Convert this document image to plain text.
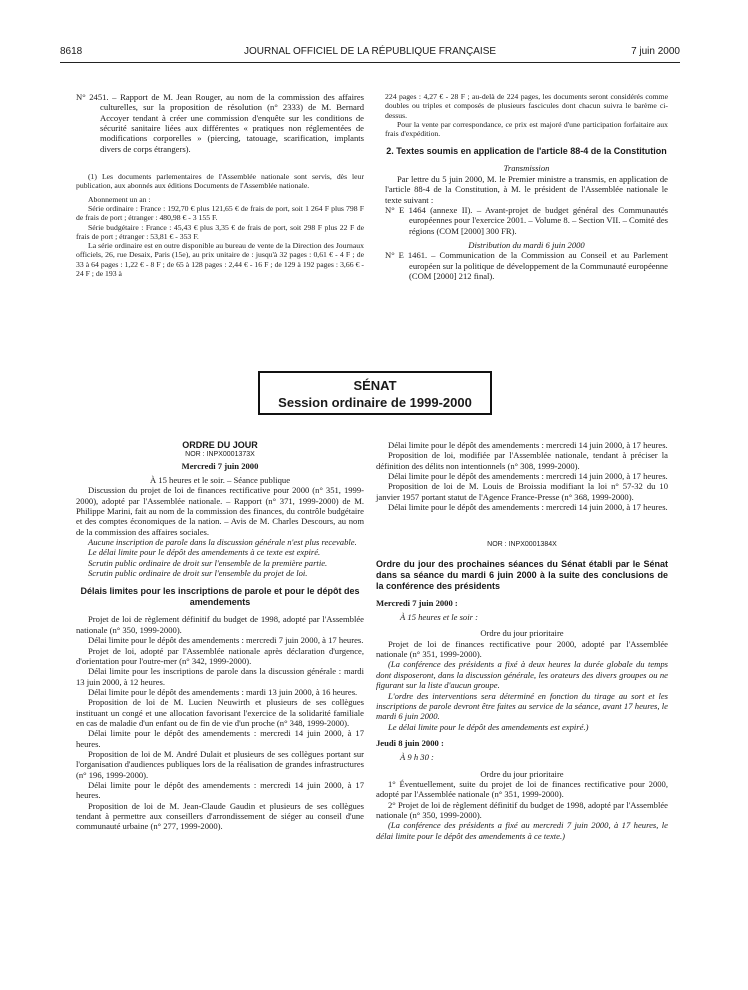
8618	JOURNAL OFFICIEL DE LA RÉPUBLIQUE FRANÇAISE	7 juin 2000

N° 2451. – Rapport de M. Jean Rouger, au nom de la commission des affaires culturelles, sur la proposition de résolution (n° 2333) de M. Bernard Accoyer tendant à créer une commission d'enquête sur les conditions de sécurité sanitaire liées aux différentes « pratiques non réglementées de modifications corporelles » (piercing, tatouage, scarification, implants divers de corps étrangers).

(1) Les documents parlementaires de l'Assemblée nationale sont servis, dès leur publication, aux abonnés aux éditions Documents de l'Assemblée nationale.

Abonnement un an :

Série ordinaire : France : 192,70 € plus 121,65 € de frais de port, soit 1 264 F plus 798 F de frais de port ; étranger : 480,98 € - 3 155 F.

Série budgétaire : France : 45,43 € plus 3,35 € de frais de port, soit 298 F plus 22 F de frais de port ; étranger : 53,81 € - 353 F.

La série ordinaire est en outre disponible au bureau de vente de la Direction des Journaux officiels, 26, rue Desaix, Paris (15e), au prix unitaire de : jusqu'à 32 pages : 0,61 € - 4 F ; de 33 à 64 pages : 1,22 € - 8 F ; de 65 à 128 pages : 2,44 € - 16 F ; de 129 à 192 pages : 3,66 € - 24 F ; de 193 à

224 pages : 4,27 € - 28 F ; au-delà de 224 pages, les documents seront considérés comme doubles ou triples et composés de plusieurs fascicules dont chacun suivra le barème ci-dessus.

Pour la vente par correspondance, ce prix est majoré d'une participation forfaitaire aux frais d'expédition.

2. Textes soumis en application de l'article 88-4 de la Constitution

Transmission

Par lettre du 5 juin 2000, M. le Premier ministre a transmis, en application de l'article 88-4 de la Constitution, à M. le président de l'Assemblée nationale le texte suivant :

N° E 1464 (annexe II). – Avant-projet de budget général des Communautés européennes pour l'exercice 2001. – Volume 8. – Section VII. – Comité des régions (COM [2000] 300 FR).

Distribution du mardi 6 juin 2000

N° E 1461. – Communication de la Commission au Conseil et au Parlement européen sur la politique de développement de la Communauté européenne (COM [2000] 212 final).

SÉNAT
Session ordinaire de 1999-2000

ORDRE DU JOUR

NOR : INPX0001373X

Mercredi 7 juin 2000

À 15 heures et le soir. – Séance publique

Discussion du projet de loi de finances rectificative pour 2000 (n° 351, 1999-2000), adopté par l'Assemblée nationale. – Rapport (n° 371, 1999-2000) de M. Philippe Marini, fait au nom de la commission des finances, du contrôle budgétaire et des comptes économiques de la nation. – Avis de M. Charles Descours, au nom de la commission des affaires sociales.

Aucune inscription de parole dans la discussion générale n'est plus recevable.

Le délai limite pour le dépôt des amendements à ce texte est expiré.

Scrutin public ordinaire de droit sur l'ensemble de la première partie.

Scrutin public ordinaire de droit sur l'ensemble du projet de loi.

Délais limites pour les inscriptions de parole et pour le dépôt des amendements

Projet de loi de règlement définitif du budget de 1998, adopté par l'Assemblée nationale (n° 350, 1999-2000).

Délai limite pour le dépôt des amendements : mercredi 7 juin 2000, à 17 heures.

Projet de loi, adopté par l'Assemblée nationale après déclaration d'urgence, d'orientation pour l'outre-mer (n° 342, 1999-2000).

Délai limite pour les inscriptions de parole dans la discussion générale : mardi 13 juin 2000, à 12 heures.

Délai limite pour le dépôt des amendements : mardi 13 juin 2000, à 16 heures.

Proposition de loi de M. Lucien Neuwirth et plusieurs de ses collègues instituant un congé et une allocation favorisant l'exercice de la solidarité familiale en cas de maladie d'un enfant ou de fin de vie d'un proche (n° 348, 1999-2000).

Délai limite pour le dépôt des amendements : mercredi 14 juin 2000, à 17 heures.

Proposition de loi de M. André Dulait et plusieurs de ses collègues portant sur l'organisation d'audiences publiques lors de la réalisation de grandes infrastructures (n° 196, 1999-2000).

Délai limite pour le dépôt des amendements : mercredi 14 juin 2000, à 17 heures.

Proposition de loi de M. Jean-Claude Gaudin et plusieurs de ses collègues tendant à permettre aux conseillers d'arrondissement de siéger au conseil d'une communauté urbaine (n° 277, 1999-2000).

Délai limite pour le dépôt des amendements : mercredi 14 juin 2000, à 17 heures.

Proposition de loi, modifiée par l'Assemblée nationale, tendant à préciser la définition des délits non intentionnels (n° 308, 1999-2000).

Délai limite pour le dépôt des amendements : mercredi 14 juin 2000, à 17 heures.

Proposition de loi de M. Louis de Broissia modifiant la loi n° 57-32 du 10 janvier 1957 portant statut de l'Agence France-Presse (n° 368, 1999-2000).

Délai limite pour le dépôt des amendements : mercredi 14 juin 2000, à 17 heures.

NOR : INPX0001384X

Ordre du jour des prochaines séances du Sénat établi par le Sénat dans sa séance du mardi 6 juin 2000 à la suite des conclusions de la conférence des présidents

Mercredi 7 juin 2000 :

À 15 heures et le soir :

Ordre du jour prioritaire

Projet de loi de finances rectificative pour 2000, adopté par l'Assemblée nationale (n° 351, 1999-2000).

(La conférence des présidents a fixé à deux heures la durée globale du temps dont disposeront, dans la discussion générale, les orateurs des divers groupes ou ne figurant sur la liste d'aucun groupe.

L'ordre des interventions sera déterminé en fonction du tirage au sort et les inscriptions de parole devront être faites au service de la séance, avant 17 heures, le mardi 6 juin 2000.

Le délai limite pour le dépôt des amendements est expiré.)

Jeudi 8 juin 2000 :

À 9 h 30 :

Ordre du jour prioritaire

1° Éventuellement, suite du projet de loi de finances rectificative pour 2000, adopté par l'Assemblée nationale (n° 351, 1999-2000).

2° Projet de loi de règlement définitif du budget de 1998, adopté par l'Assemblée nationale (n° 350, 1999-2000).

(La conférence des présidents a fixé au mercredi 7 juin 2000, à 17 heures, le délai limite pour le dépôt des amendements à ce texte.)
